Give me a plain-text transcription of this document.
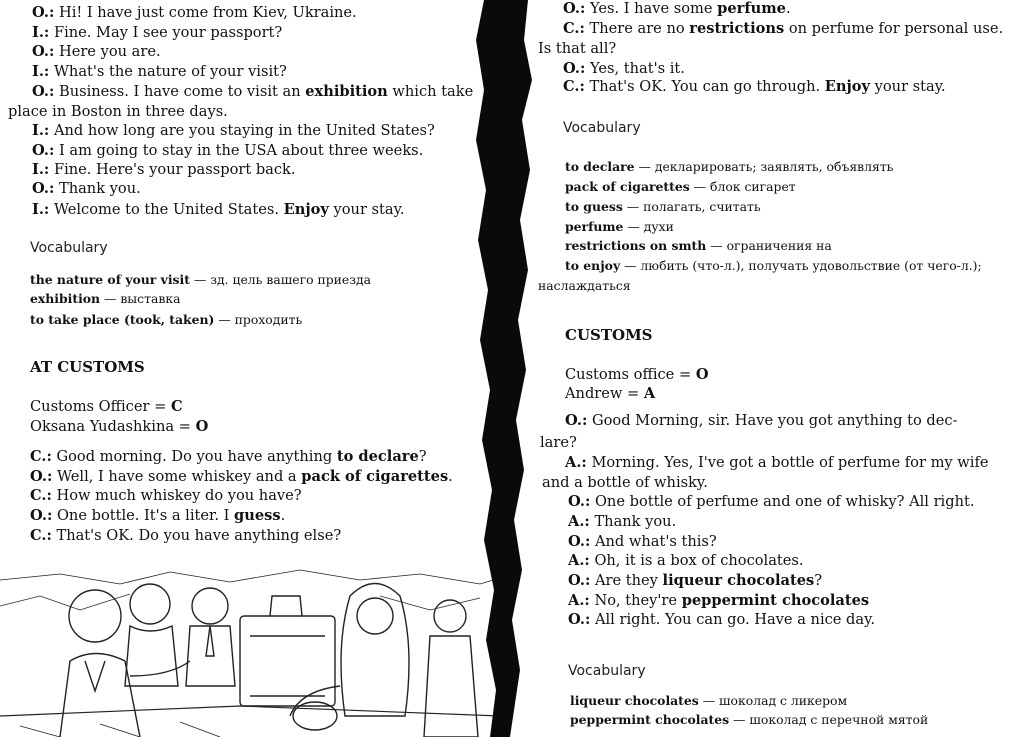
O.: Hi! I have just come from Kiev, Ukraine.
I.: Fine. May I see your passport?
O.: Here you are.
I.: What's the nature of your visit?
O.: Business. I have come to visit an exhibition which take
place in Boston in three days.
I.: And how long are you staying in the United States?
O.: I am going to stay in the USA about three weeks.
I.: Fine. Here's your passport back.
O.: Thank you.
I.: Welcome to the United States. Enjoy your stay.
Vocabulary
the nature of your visit — зд. цель вашего приезда
exhibition — выставка
to take place (took, taken) — проходить
AT CUSTOMS
Customs Officer = C
Oksana Yudashkina = O
C.: Good morning. Do you have anything to declare?
O.: Well, I have some whiskey and a pack of cigarettes.
C.: How much whiskey do you have?
O.: One bottle. It's a liter. I guess.
C.: That's OK. Do you have anything else?
O.: Yes. I have some perfume.
C.: There are no restrictions on perfume for personal use.
Is that all?
O.: Yes, that's it.
C.: That's OK. You can go through. Enjoy your stay.
Vocabulary
to declare — декларировать; заявлять, объявлять
pack of cigarettes — блок сигарет
to guess — полагать, считать
perfume — духи
restrictions on smth — ограничения на
to enjoy — любить (что-л.), получать удовольствие (от чего-л.);
наслаждаться
CUSTOMS
Customs office = O
Andrew = A
O.: Good Morning, sir. Have you got anything to dec-
lare?
A.: Morning. Yes, I've got a bottle of perfume for my wife
and a bottle of whisky.
O.: One bottle of perfume and one of whisky? All right.
A.: Thank you.
O.: And what's this?
A.: Oh, it is a box of chocolates.
O.: Are they liqueur chocolates?
A.: No, they're peppermint chocolates
O.: All right. You can go. Have a nice day.
Vocabulary
liqueur chocolates — шоколад с ликером
peppermint chocolates — шоколад с перечной мятой
